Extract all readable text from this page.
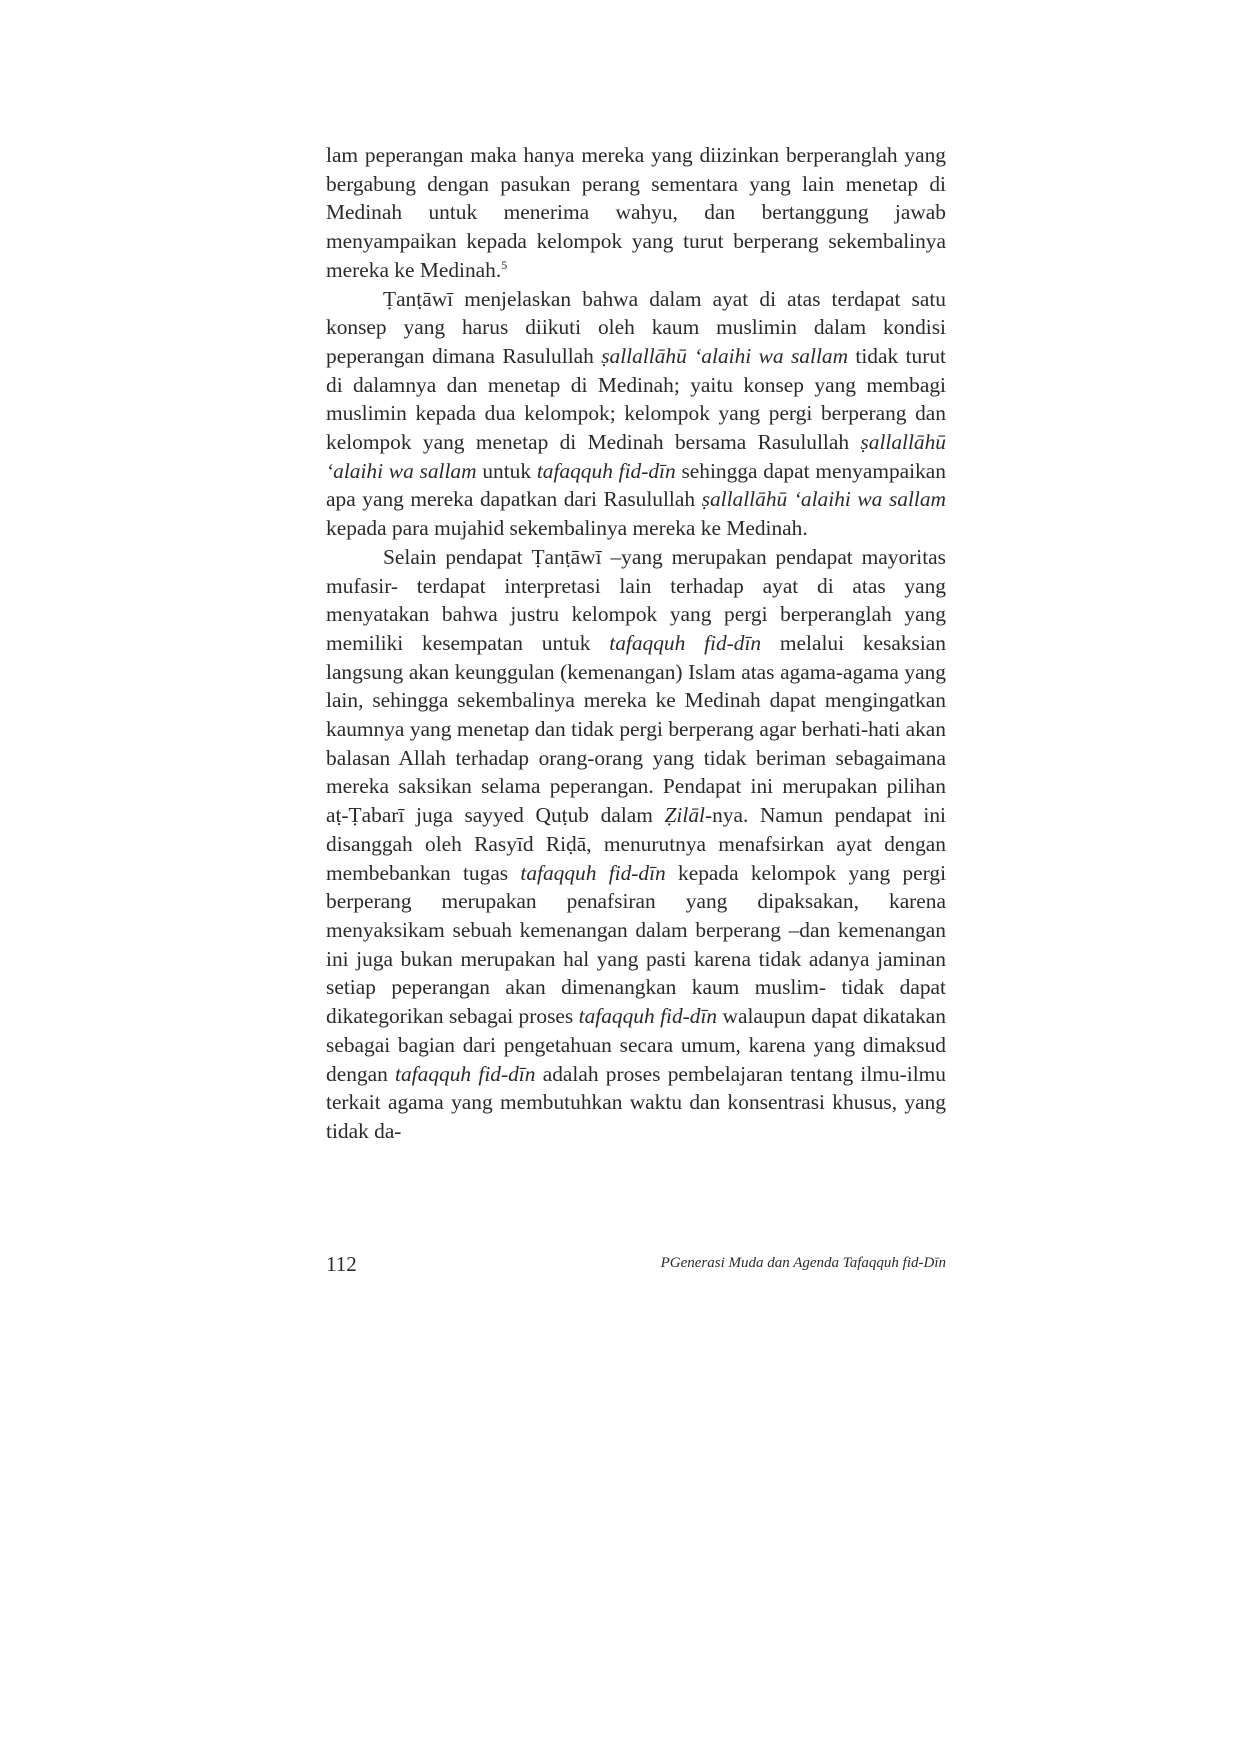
lam peperangan maka hanya mereka yang diizinkan berperanglah yang bergabung dengan pasukan perang sementara yang lain menetap di Medinah untuk menerima wahyu, dan bertanggung jawab menyampaikan kepada kelompok yang turut berperang sekembalinya mereka ke Medinah.$^5$

Ṭanṭāwī menjelaskan bahwa dalam ayat di atas terdapat satu konsep yang harus diikuti oleh kaum muslimin dalam kondisi peperangan dimana Rasulullah ṣallallāhū ‘alaihi wa sallam tidak turut di dalamnya dan menetap di Medinah; yaitu konsep yang membagi muslimin kepada dua kelompok; kelompok yang pergi berperang dan kelompok yang menetap di Medinah bersama Rasulullah ṣallallāhū ‘alaihi wa sallam untuk tafaqquh fid-dīn sehingga dapat menyampaikan apa yang mereka dapatkan dari Rasulullah ṣallallāhū ‘alaihi wa sallam kepada para mujahid sekembalinya mereka ke Medinah.

Selain pendapat Ṭanṭāwī –yang merupakan pendapat mayoritas mufasir- terdapat interpretasi lain terhadap ayat di atas yang menyatakan bahwa justru kelompok yang pergi berperanglah yang memiliki kesempatan untuk tafaqquh fid-dīn melalui kesaksian langsung akan keunggulan (kemenangan) Islam atas agama-agama yang lain, sehingga sekembalinya mereka ke Medinah dapat mengingatkan kaumnya yang menetap dan tidak pergi berperang agar berhati-hati akan balasan Allah terhadap orang-orang yang tidak beriman sebagaimana mereka saksikan selama peperangan. Pendapat ini merupakan pilihan aṭ-Ṭabarī juga sayyed Quṭub dalam Ẓilāl-nya. Namun pendapat ini disanggah oleh Rasyīd Riḍā, menurutnya menafsirkan ayat dengan membebankan tugas tafaqquh fid-dīn kepada kelompok yang pergi berperang merupakan penafsiran yang dipaksakan, karena menyaksikam sebuah kemenangan dalam berperang –dan kemenangan ini juga bukan merupakan hal yang pasti karena tidak adanya jaminan setiap peperangan akan dimenangkan kaum muslim- tidak dapat dikategorikan sebagai proses tafaqquh fid-dīn walaupun dapat dikatakan sebagai bagian dari pengetahuan secara umum, karena yang dimaksud dengan tafaqquh fid-dīn adalah proses pembelajaran tentang ilmu-ilmu terkait agama yang membutuhkan waktu dan konsentrasi khusus, yang tidak da-

112	PGenerasi Muda dan Agenda Tafaqquh fid-Dīn
